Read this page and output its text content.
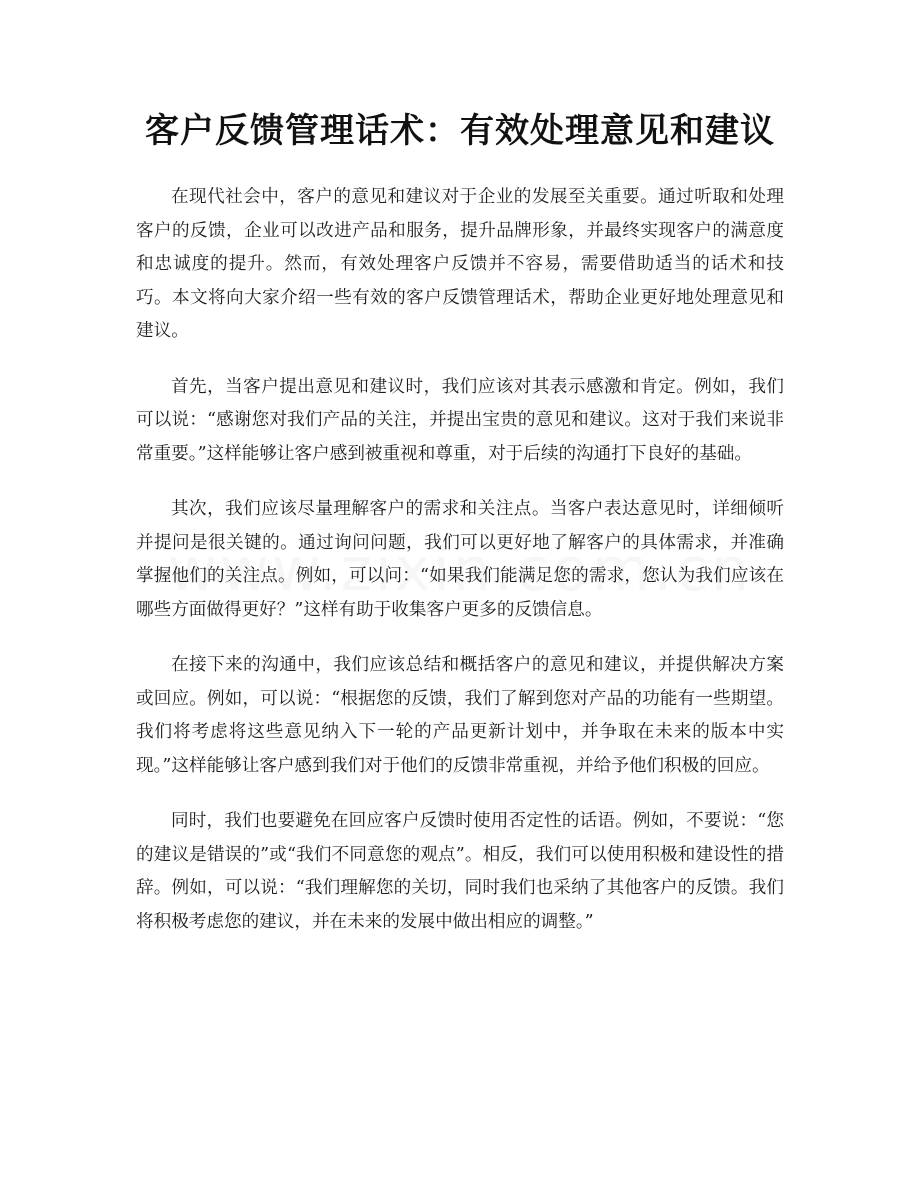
客户反馈管理话术：有效处理意见和建议

在现代社会中，客户的意见和建议对于企业的发展至关重要。通过听取和处理客户的反馈，企业可以改进产品和服务，提升品牌形象，并最终实现客户的满意度和忠诚度的提升。然而，有效处理客户反馈并不容易，需要借助适当的话术和技巧。本文将向大家介绍一些有效的客户反馈管理话术，帮助企业更好地处理意见和建议。

首先，当客户提出意见和建议时，我们应该对其表示感激和肯定。例如，我们可以说：“感谢您对我们产品的关注，并提出宝贵的意见和建议。这对于我们来说非常重要。”这样能够让客户感到被重视和尊重，对于后续的沟通打下良好的基础。

其次，我们应该尽量理解客户的需求和关注点。当客户表达意见时，详细倾听并提问是很关键的。通过询问问题，我们可以更好地了解客户的具体需求，并准确掌握他们的关注点。例如，可以问：“如果我们能满足您的需求，您认为我们应该在哪些方面做得更好？”这样有助于收集客户更多的反馈信息。

在接下来的沟通中，我们应该总结和概括客户的意见和建议，并提供解决方案或回应。例如，可以说：“根据您的反馈，我们了解到您对产品的功能有一些期望。我们将考虑将这些意见纳入下一轮的产品更新计划中，并争取在未来的版本中实现。”这样能够让客户感到我们对于他们的反馈非常重视，并给予他们积极的回应。

同时，我们也要避免在回应客户反馈时使用否定性的话语。例如，不要说：“您的建议是错误的”或“我们不同意您的观点”。相反，我们可以使用积极和建设性的措辞。例如，可以说：“我们理解您的关切，同时我们也采纳了其他客户的反馈。我们将积极考虑您的建议，并在未来的发展中做出相应的调整。”
